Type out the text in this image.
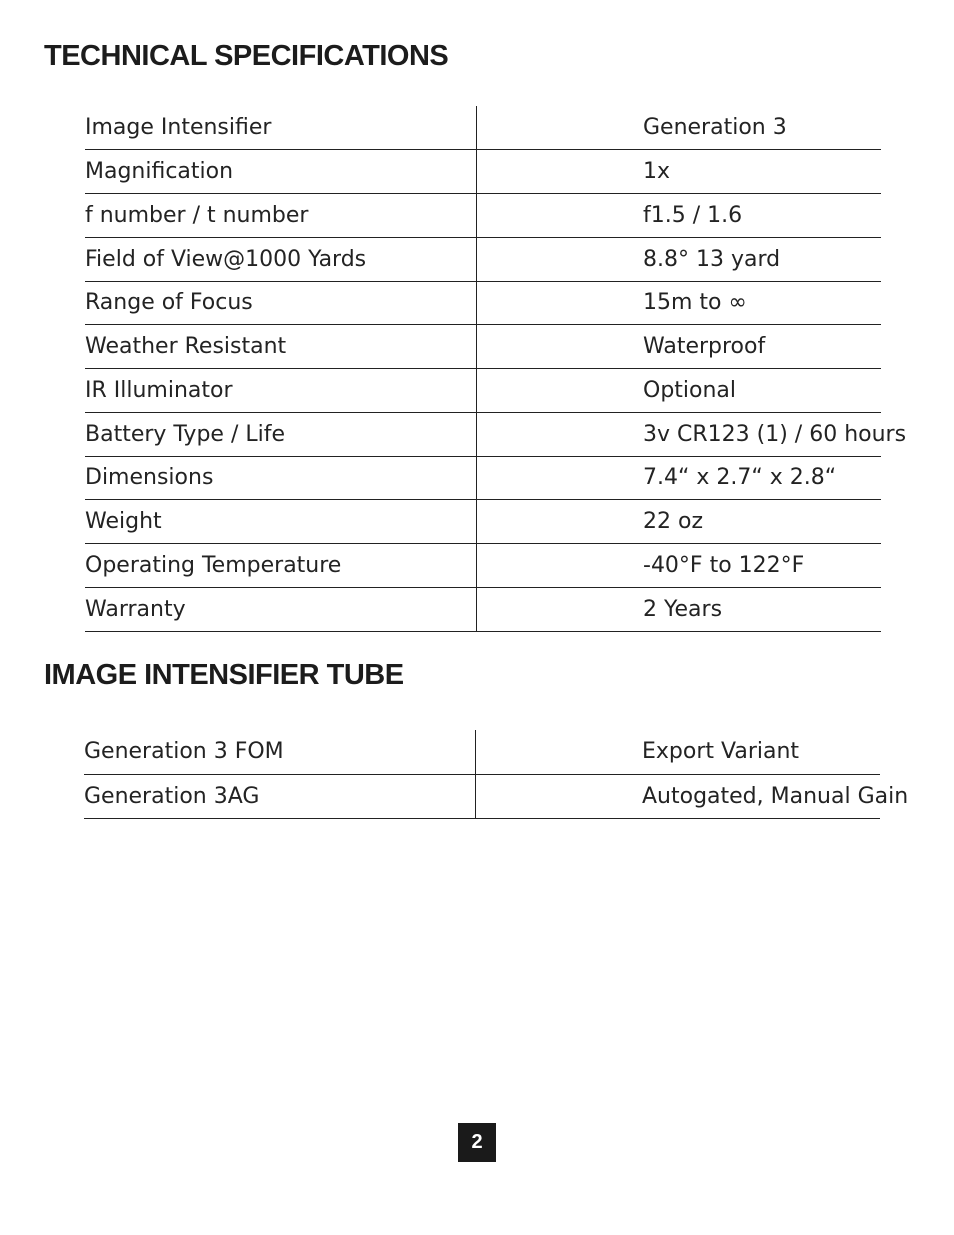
TECHNICAL SPECIFICATIONS
Image Intensifier	Generation 3
Magnification	1x
f number / t number	f1.5 / 1.6
Field of View@1000 Yards	8.8° 13 yard
Range of Focus	15m to ∞
Weather Resistant	Waterproof
IR Illuminator	Optional
Battery Type / Life	3v CR123 (1) / 60 hours
Dimensions	7.4“ x 2.7“ x 2.8“
Weight	22 oz
Operating Temperature	-40°F to 122°F
Warranty	2 Years
IMAGE INTENSIFIER TUBE
Generation 3 FOM	Export Variant
Generation 3AG	Autogated, Manual Gain
2
